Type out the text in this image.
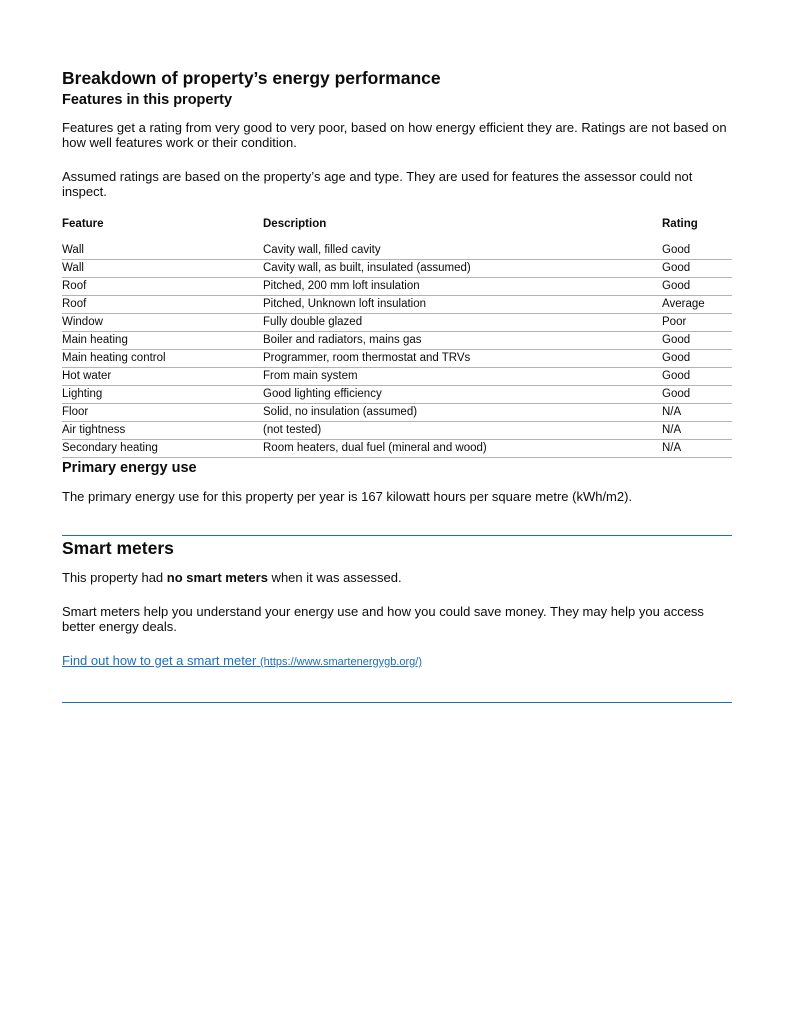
Breakdown of property’s energy performance
Features in this property

Features get a rating from very good to very poor, based on how energy efficient they are. Ratings are not based on how well features work or their condition.

Assumed ratings are based on the property’s age and type. They are used for features the assessor could not inspect.

Feature	Description	Rating
Wall	Cavity wall, filled cavity	Good
Wall	Cavity wall, as built, insulated (assumed)	Good
Roof	Pitched, 200 mm loft insulation	Good
Roof	Pitched, Unknown loft insulation	Average
Window	Fully double glazed	Poor
Main heating	Boiler and radiators, mains gas	Good
Main heating control	Programmer, room thermostat and TRVs	Good
Hot water	From main system	Good
Lighting	Good lighting efficiency	Good
Floor	Solid, no insulation (assumed)	N/A
Air tightness	(not tested)	N/A
Secondary heating	Room heaters, dual fuel (mineral and wood)	N/A
Primary energy use

The primary energy use for this property per year is 167 kilowatt hours per square metre (kWh/m2).

Smart meters

This property had no smart meters when it was assessed.

Smart meters help you understand your energy use and how you could save money. They may help you access better energy deals.

Find out how to get a smart meter (https://www.smartenergygb.org/)
